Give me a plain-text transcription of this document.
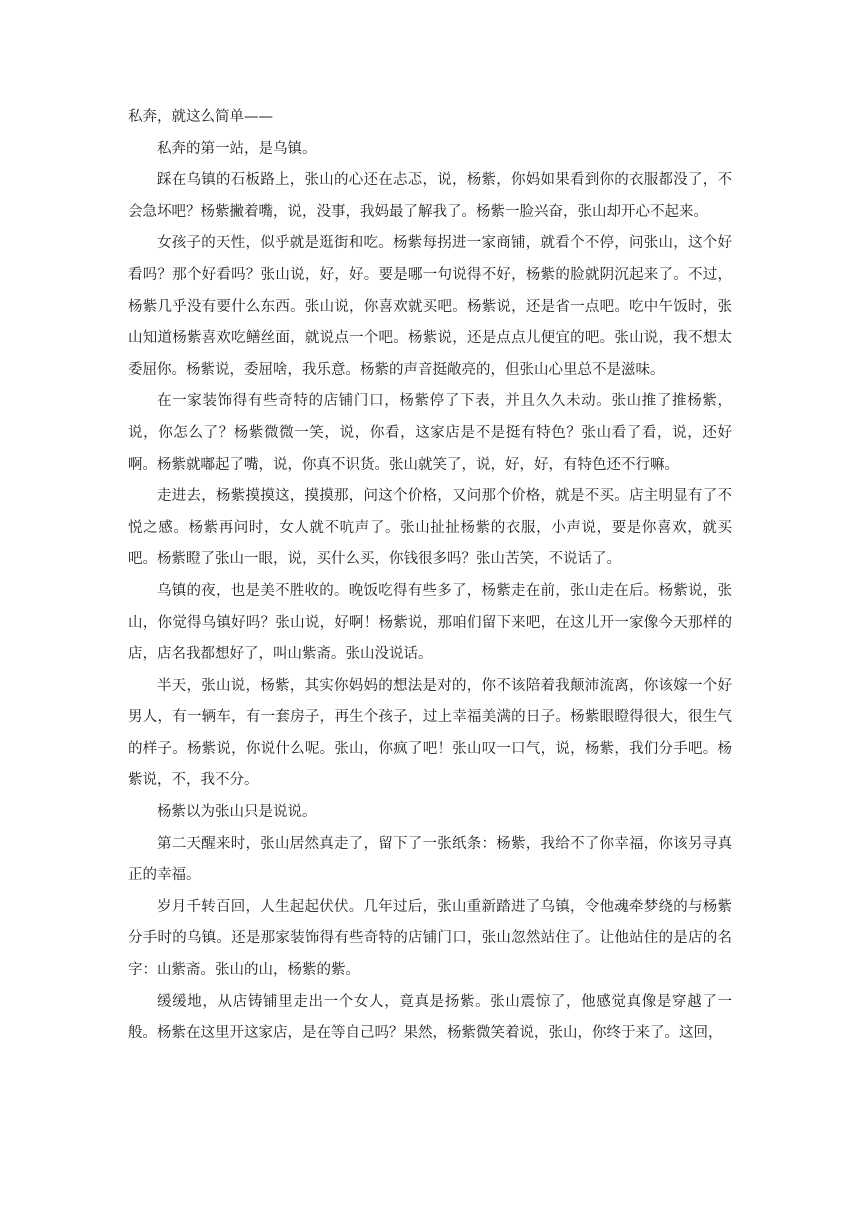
私奔，就这么简单——

私奔的第一站，是乌镇。

踩在乌镇的石板路上，张山的心还在忐忑，说，杨紫，你妈如果看到你的衣服都没了，不会急坏吧？杨紫撇着嘴，说，没事，我妈最了解我了。杨紫一脸兴奋，张山却开心不起来。

女孩子的天性，似乎就是逛街和吃。杨紫每拐进一家商铺，就看个不停，问张山，这个好看吗？那个好看吗？张山说，好，好。要是哪一句说得不好，杨紫的脸就阴沉起来了。不过，杨紫几乎没有要什么东西。张山说，你喜欢就买吧。杨紫说，还是省一点吧。吃中午饭时，张山知道杨紫喜欢吃鳝丝面，就说点一个吧。杨紫说，还是点点儿便宜的吧。张山说，我不想太委屈你。杨紫说，委屈啥，我乐意。杨紫的声音挺敞亮的，但张山心里总不是滋味。

在一家装饰得有些奇特的店铺门口，杨紫停了下表，并且久久未动。张山推了推杨紫，说，你怎么了？杨紫微微一笑，说，你看，这家店是不是挺有特色？张山看了看，说，还好啊。杨紫就嘟起了嘴，说，你真不识货。张山就笑了，说，好，好，有特色还不行嘛。

走进去，杨紫摸摸这，摸摸那，问这个价格，又问那个价格，就是不买。店主明显有了不悦之感。杨紫再问时，女人就不吭声了。张山扯扯杨紫的衣服，小声说，要是你喜欢，就买吧。杨紫瞪了张山一眼，说，买什么买，你钱很多吗？张山苦笑，不说话了。

乌镇的夜，也是美不胜收的。晚饭吃得有些多了，杨紫走在前，张山走在后。杨紫说，张山，你觉得乌镇好吗？张山说，好啊！杨紫说，那咱们留下来吧，在这儿开一家像今天那样的店，店名我都想好了，叫山紫斋。张山没说话。

半天，张山说，杨紫，其实你妈妈的想法是对的，你不该陪着我颠沛流离，你该嫁一个好男人，有一辆车，有一套房子，再生个孩子，过上幸福美满的日子。杨紫眼瞪得很大，很生气的样子。杨紫说，你说什么呢。张山，你疯了吧！张山叹一口气，说，杨紫，我们分手吧。杨紫说，不，我不分。

杨紫以为张山只是说说。

第二天醒来时，张山居然真走了，留下了一张纸条：杨紫，我给不了你幸福，你该另寻真正的幸福。

岁月千转百回，人生起起伏伏。几年过后，张山重新踏进了乌镇，令他魂牵梦绕的与杨紫分手时的乌镇。还是那家装饰得有些奇特的店铺门口，张山忽然站住了。让他站住的是店的名字：山紫斋。张山的山，杨紫的紫。

缓缓地，从店铸铺里走出一个女人，竟真是扬紫。张山震惊了，他感觉真像是穿越了一般。杨紫在这里开这家店，是在等自己吗？果然，杨紫微笑着说，张山，你终于来了。这回，
